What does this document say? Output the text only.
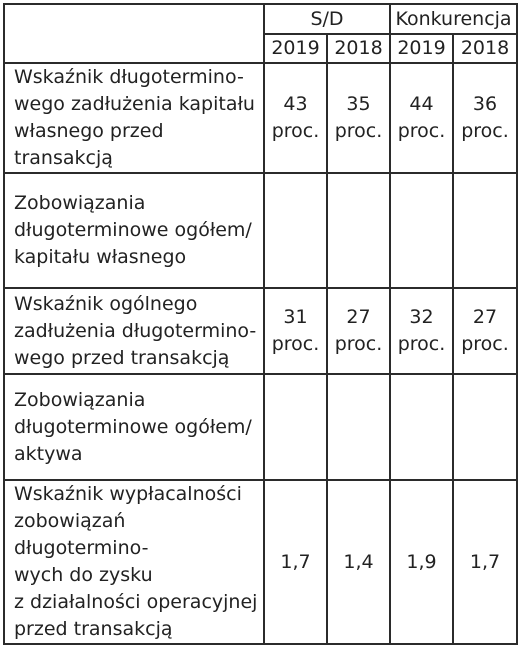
	S/D		Konkurencja	
	2019	2018	2019	2018

Wskaźnik długotermino-
wego zadłużenia kapitału
własnego przed transakcją	43
proc.	35
proc.	44
proc.	36
proc.

Zobowiązania
długoterminowe ogółem/
kapitału własnego				

Wskaźnik ogólnego
zadłużenia długotermino-
wego przed transakcją	31
proc.	27
proc.	32
proc.	27
proc.

Zobowiązania
długoterminowe ogółem/
aktywa				

Wskaźnik wypłacalności
zobowiązań długotermino-
wych do zysku
z działalności operacyjnej
przed transakcją	1,7	1,4	1,9	1,7
